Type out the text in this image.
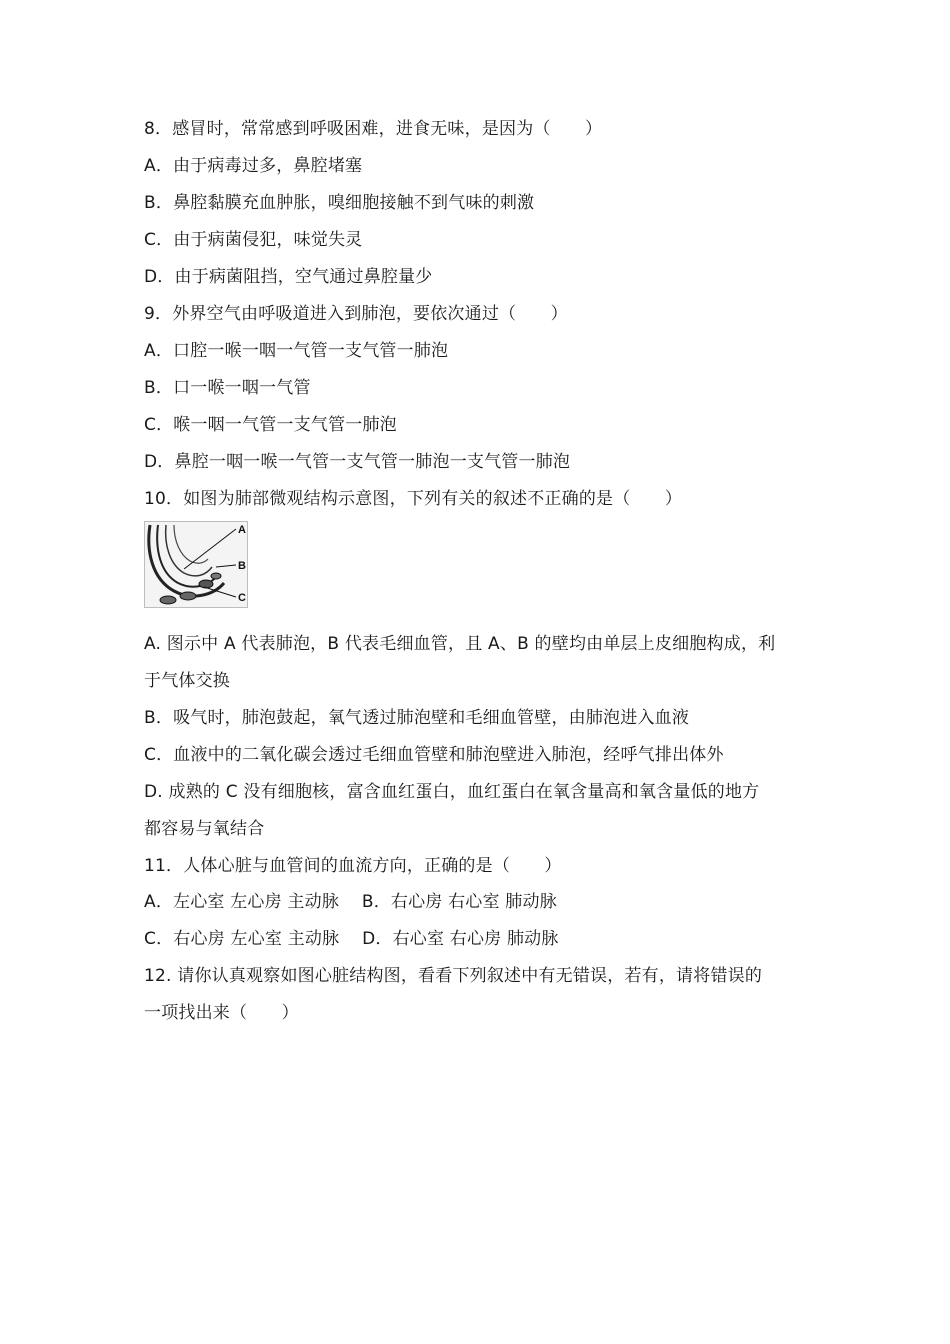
8．感冒时，常常感到呼吸困难，进食无味，是因为（　　）
A．由于病毒过多，鼻腔堵塞
B．鼻腔黏膜充血肿胀，嗅细胞接触不到气味的刺激
C．由于病菌侵犯，味觉失灵
D．由于病菌阻挡，空气通过鼻腔量少
9．外界空气由呼吸道进入到肺泡，要依次通过（　　）
A．口腔一喉一咽一气管一支气管一肺泡
B．口一喉一咽一气管
C．喉一咽一气管一支气管一肺泡
D．鼻腔一咽一喉一气管一支气管一肺泡一支气管一肺泡
10．如图为肺部微观结构示意图，下列有关的叙述不正确的是（　　）
A
B
C
A. 图示中 A 代表肺泡，B 代表毛细血管，且 A、B 的壁均由单层上皮细胞构成，利
于气体交换
B．吸气时，肺泡鼓起，氧气透过肺泡壁和毛细血管壁，由肺泡进入血液
C．血液中的二氧化碳会透过毛细血管壁和肺泡壁进入肺泡，经呼气排出体外
D. 成熟的 C 没有细胞核，富含血红蛋白，血红蛋白在氧含量高和氧含量低的地方
都容易与氧结合
11．人体心脏与血管间的血流方向，正确的是（　　）
A．左心室 左心房 主动脉　 B．右心房 右心室 肺动脉
C．右心房 左心室 主动脉　 D．右心室 右心房 肺动脉
12. 请你认真观察如图心脏结构图，看看下列叙述中有无错误，若有，请将错误的
一项找出来（　　）
